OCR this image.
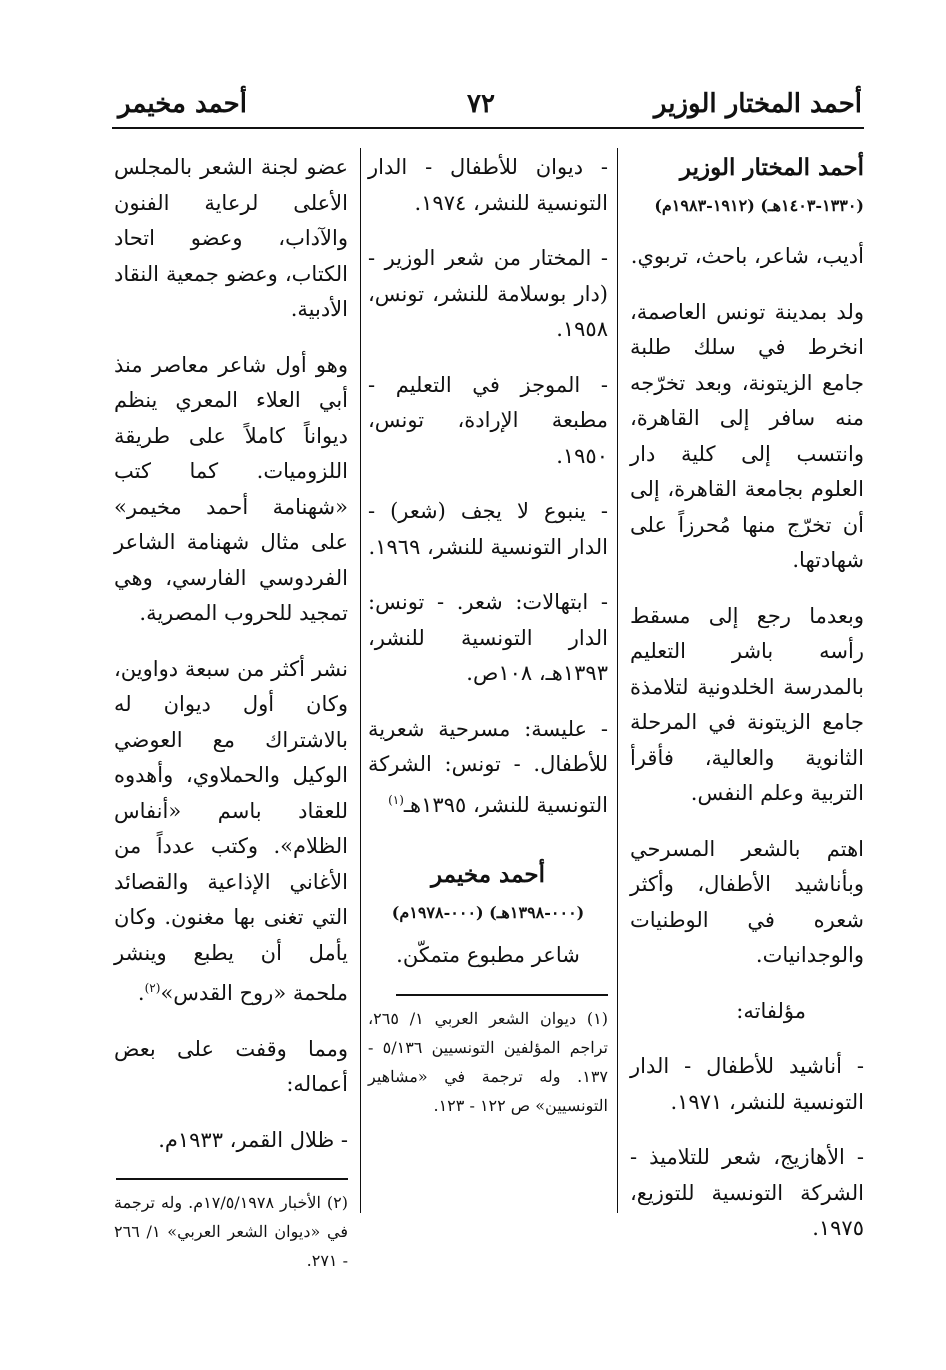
أحمد المختار الوزير
٧٢
أحمد مخيمر
أحمد المختار الوزير
(١٣٣٠-١٤٠٣هـ) (١٩١٢-١٩٨٣م)

أديب، شاعر، باحث، تربوي.

ولد بمدينة تونس العاصمة، انخرط في سلك طلبة جامع الزيتونة، وبعد تخرّجه منه سافر إلى القاهرة، وانتسب إلى كلية دار العلوم بجامعة القاهرة، إلى أن تخرّج منها مُحرزاً على شهادتها.

وبعدما رجع إلى مسقط رأسه باشر التعليم بالمدرسة الخلدونية لتلامذة جامع الزيتونة في المرحلة الثانوية والعالية، فأقرأ التربية وعلم النفس.

اهتم بالشعر المسرحي وبأناشيد الأطفال، وأكثر شعره في الوطنيات والوجدانيات.

مؤلفاته:

- أناشيد للأطفال - الدار التونسية للنشر، ١٩٧١.

- الأهازيج، شعر للتلاميذ - الشركة التونسية للتوزيع، ١٩٧٥.

- ديوان للأطفال - الدار التونسية للنشر، ١٩٧٤.

- المختار من شعر الوزير - (دار بوسلامة للنشر، تونس، ١٩٥٨.

- الموجز في التعليم - مطبعة الإرادة، تونس، ١٩٥٠.

- ينبوع لا يجف (شعر) - الدار التونسية للنشر، ١٩٦٩.

- ابتهالات: شعر. - تونس: الدار التونسية للنشر، ١٣٩٣هـ، ١٠٨ص.

- عليسة: مسرحية شعرية للأطفال. - تونس: الشركة التونسية للنشر، ١٣٩٥هـ$^{(١)}$

أحمد مخيمر
(٠٠٠-١٣٩٨هـ) (٠٠٠-١٩٧٨م)

شاعر مطبوع متمكّن.

(١) ديوان الشعر العربي ١/ ٢٦٥، تراجم المؤلفين التونسيين ٥/١٣٦ - ١٣٧. وله ترجمة في «مشاهير التونسيين» ص ١٢٢ - ١٢٣.

عضو لجنة الشعر بالمجلس الأعلى لرعاية الفنون والآداب، وعضو اتحاد الكتاب، وعضو جمعية النقاد الأدبية.

وهو أول شاعر معاصر منذ أبي العلاء المعري ينظم ديواناً كاملاً على طريقة اللزوميات. كما كتب «شهنامة أحمد مخيمر» على مثال شهنامة الشاعر الفردوسي الفارسي، وهي تمجيد للحروب المصرية.

نشر أكثر من سبعة دواوين، وكان أول ديوان له بالاشتراك مع العوضي الوكيل والحملاوي، وأهدوه للعقاد باسم «أنفاس الظلام». وكتب عدداً من الأغاني الإذاعية والقصائد التي تغنى بها مغنون. وكان يأمل أن يطبع وينشر ملحمة «روح القدس»$^{(٢)}$.

ومما وقفت على بعض أعماله:

- ظلال القمر، ١٩٣٣م.

(٢) الأخبار ١٧/٥/١٩٧٨م. وله ترجمة في «ديوان الشعر العربي» ١/ ٢٦٦ - ٢٧١.
